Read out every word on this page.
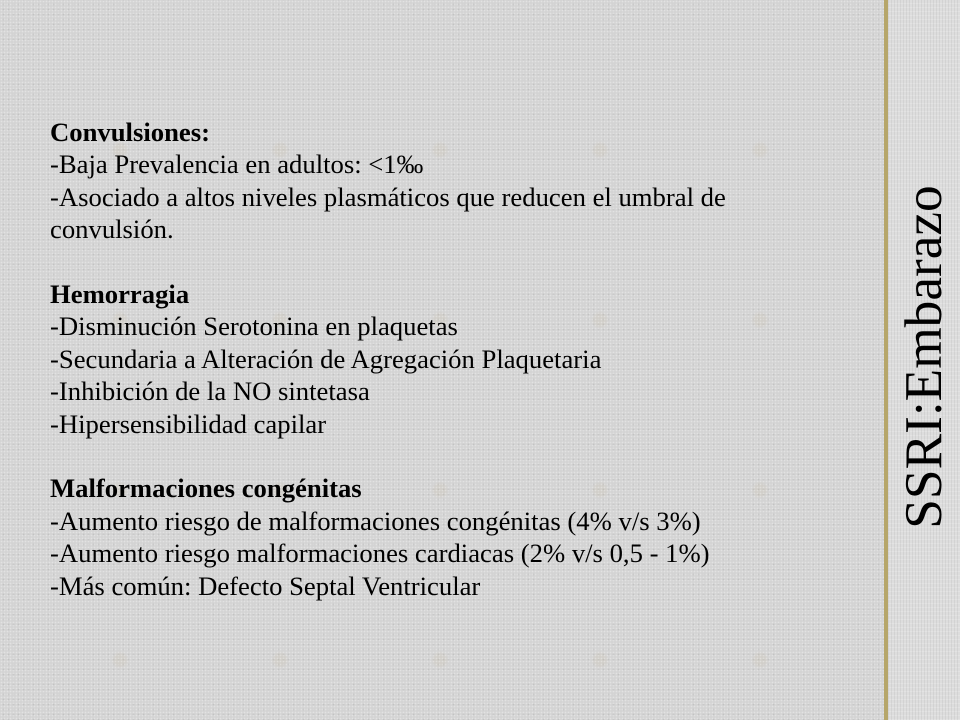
Convulsiones:
-Baja Prevalencia en adultos: <1‰
-Asociado a altos niveles plasmáticos que reducen el umbral de convulsión.
Hemorragia
-Disminución Serotonina en plaquetas
-Secundaria a Alteración de Agregación Plaquetaria
-Inhibición de la NO sintetasa
-Hipersensibilidad capilar
Malformaciones congénitas
-Aumento riesgo de malformaciones congénitas (4% v/s 3%)
-Aumento riesgo malformaciones cardiacas (2% v/s 0,5 - 1%)
-Más común: Defecto Septal Ventricular
SSRI:Embarazo
